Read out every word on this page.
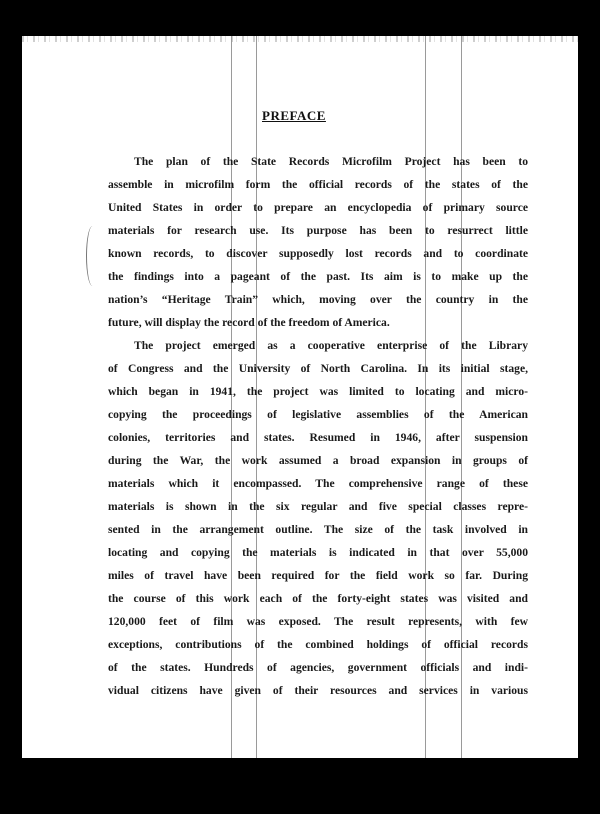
PREFACE
The plan of the State Records Microfilm Project has been to
assemble in microfilm form the official records of the states of the
United States in order to prepare an encyclopedia of primary source
materials for research use. Its purpose has been to resurrect little
known records, to discover supposedly lost records and to coordinate
the findings into a pageant of the past. Its aim is to make up the
nation’s “Heritage Train” which, moving over the country in the
future, will display the record of the freedom of America.
The project emerged as a cooperative enterprise of the Library
of Congress and the University of North Carolina. In its initial stage,
which began in 1941, the project was limited to locating and micro-
copying the proceedings of legislative assemblies of the American
colonies, territories and states. Resumed in 1946, after suspension
during the War, the work assumed a broad expansion in groups of
materials which it encompassed. The comprehensive range of these
materials is shown in the six regular and five special classes repre-
sented in the arrangement outline. The size of the task involved in
locating and copying the materials is indicated in that over 55,000
miles of travel have been required for the field work so far. During
the course of this work each of the forty-eight states was visited and
120,000 feet of film was exposed. The result represents, with few
exceptions, contributions of the combined holdings of official records
of the states. Hundreds of agencies, government officials and indi-
vidual citizens have given of their resources and services in various
